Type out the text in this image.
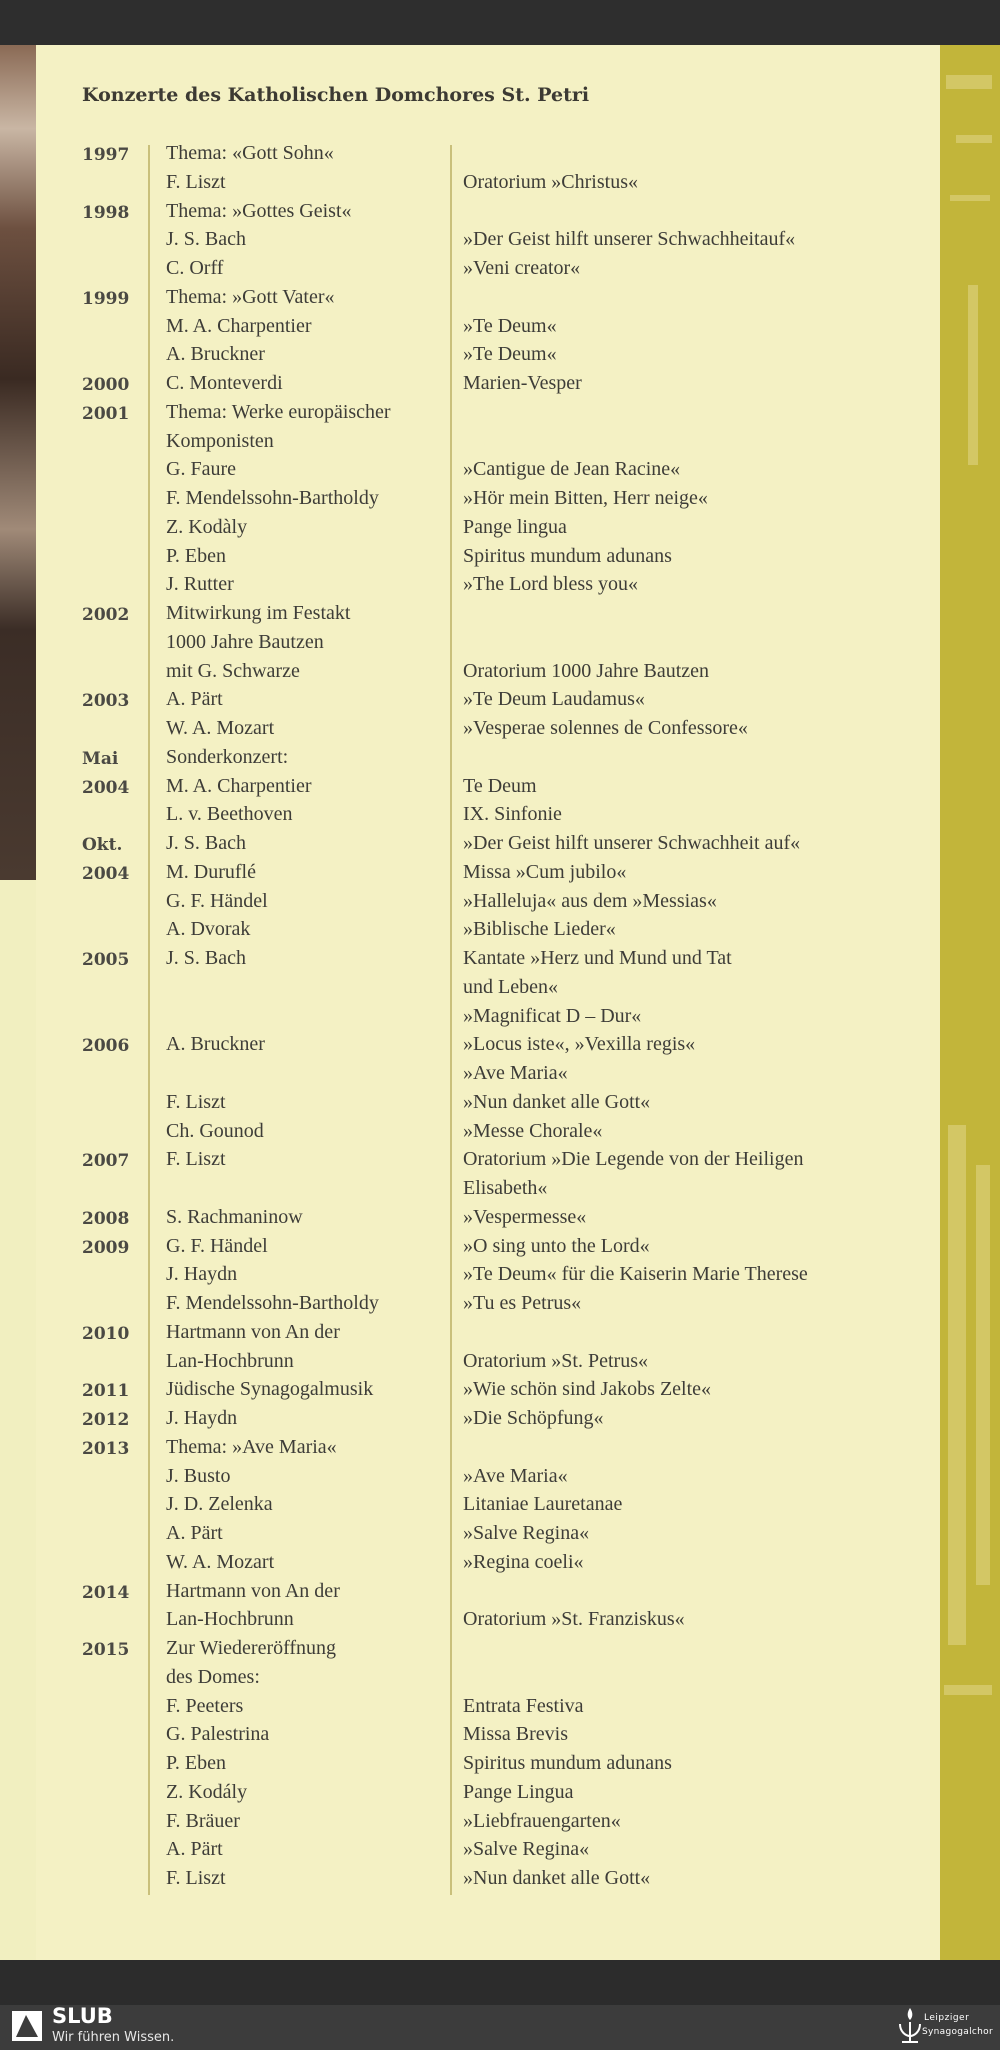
Konzerte des Katholischen Domchores St. Petri
1997	Thema: «Gott Sohn«
F. Liszt	Oratorium »Christus«
1998	Thema: »Gottes Geist«
J. S. Bach	»Der Geist hilft unserer Schwachheitauf«
C. Orff	»Veni creator«
1999	Thema: »Gott Vater«
M. A. Charpentier	»Te Deum«
A. Bruckner	»Te Deum«
2000	C. Monteverdi	Marien-Vesper
2001	Thema: Werke europäischer
Komponisten
G. Faure	»Cantigue de Jean Racine«
F. Mendelssohn-Bartholdy	»Hör mein Bitten, Herr neige«
Z. Kodàly	Pange lingua
P. Eben	Spiritus mundum adunans
J. Rutter	»The Lord bless you«
2002	Mitwirkung im Festakt
1000 Jahre Bautzen
mit G. Schwarze	Oratorium 1000 Jahre Bautzen
2003	A. Pärt	»Te Deum Laudamus«
W. A. Mozart	»Vesperae solennes de Confessore«
Mai	Sonderkonzert:
2004	M. A. Charpentier	Te Deum
L. v. Beethoven	IX. Sinfonie
Okt.	J. S. Bach	»Der Geist hilft unserer Schwachheit auf«
2004	M. Duruflé	Missa »Cum jubilo«
G. F. Händel	»Halleluja« aus dem »Messias«
A. Dvorak	»Biblische Lieder«
2005	J. S. Bach	Kantate »Herz und Mund und Tat
und Leben«
»Magnificat D – Dur«
2006	A. Bruckner	»Locus iste«, »Vexilla regis«
»Ave Maria«
F. Liszt	»Nun danket alle Gott«
Ch. Gounod	»Messe Chorale«
2007	F. Liszt	Oratorium »Die Legende von der Heiligen
Elisabeth«
2008	S. Rachmaninow	»Vespermesse«
2009	G. F. Händel	»O sing unto the Lord«
J. Haydn	»Te Deum« für die Kaiserin Marie Therese
F. Mendelssohn-Bartholdy	»Tu es Petrus«
2010	Hartmann von An der
Lan-Hochbrunn	Oratorium »St. Petrus«
2011	Jüdische Synagogalmusik	»Wie schön sind Jakobs Zelte«
2012	J. Haydn	»Die Schöpfung«
2013	Thema: »Ave Maria«
J. Busto	»Ave Maria«
J. D. Zelenka	Litaniae Lauretanae
A. Pärt	»Salve Regina«
W. A. Mozart	»Regina coeli«
2014	Hartmann von An der
Lan-Hochbrunn	Oratorium »St. Franziskus«
2015	Zur Wiedereröffnung
des Domes:
F. Peeters	Entrata Festiva
G. Palestrina	Missa Brevis
P. Eben	Spiritus mundum adunans
Z. Kodály	Pange Lingua
F. Bräuer	»Liebfrauengarten«
A. Pärt	»Salve Regina«
F. Liszt	»Nun danket alle Gott«
SLUB
Wir führen Wissen.
Leipziger
Synagogalchor
